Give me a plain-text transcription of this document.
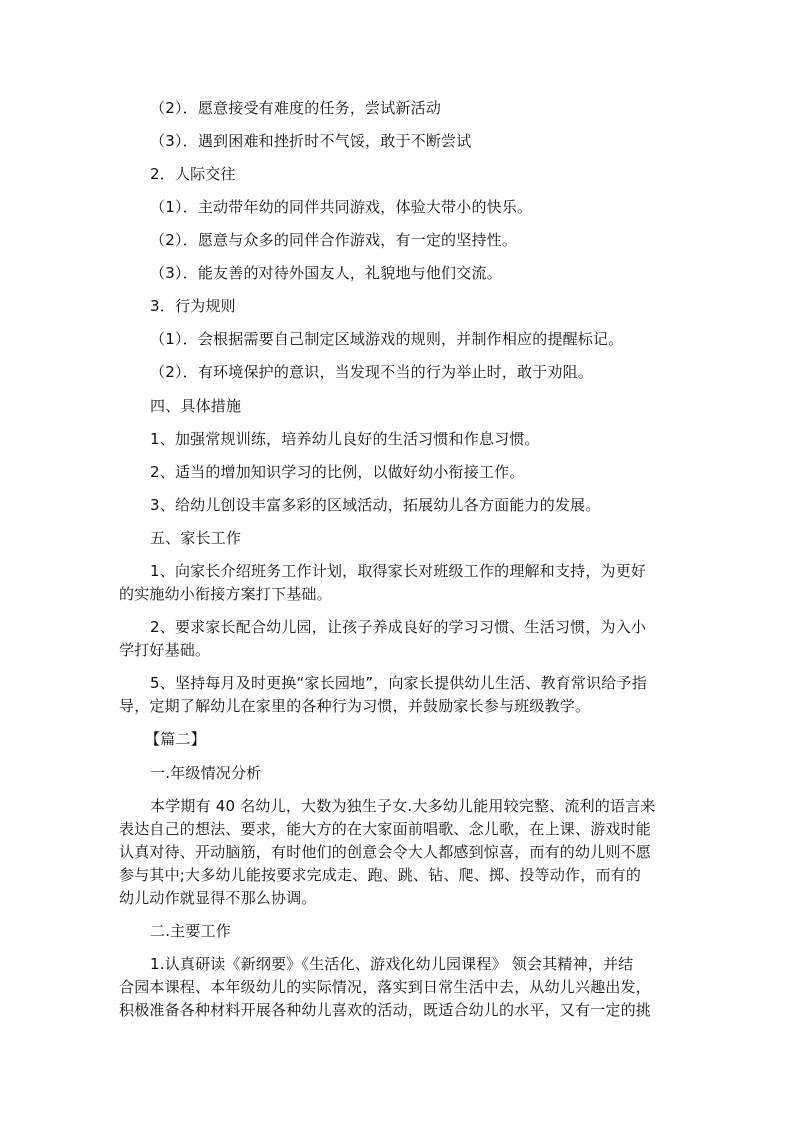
（2）．愿意接受有难度的任务，尝试新活动
（3）．遇到困难和挫折时不气馁，敢于不断尝试
2．人际交往
（1）．主动带年幼的同伴共同游戏，体验大带小的快乐。
（2）．愿意与众多的同伴合作游戏，有一定的坚持性。
（3）．能友善的对待外国友人，礼貌地与他们交流。
3．行为规则
（1）．会根据需要自己制定区域游戏的规则，并制作相应的提醒标记。
（2）．有环境保护的意识，当发现不当的行为举止时，敢于劝阻。
四、具体措施
1、加强常规训练，培养幼儿良好的生活习惯和作息习惯。
2、适当的增加知识学习的比例，以做好幼小衔接工作。
3、给幼儿创设丰富多彩的区域活动，拓展幼儿各方面能力的发展。
五、家长工作
1、向家长介绍班务工作计划，取得家长对班级工作的理解和支持，为更好
的实施幼小衔接方案打下基础。
2、要求家长配合幼儿园，让孩子养成良好的学习习惯、生活习惯，为入小
学打好基础。
5、坚持每月及时更换“家长园地”，向家长提供幼儿生活、教育常识给予指
导，定期了解幼儿在家里的各种行为习惯，并鼓励家长参与班级教学。
【篇二】
一.年级情况分析
本学期有 40 名幼儿，大数为独生子女.大多幼儿能用较完整、流利的语言来
表达自己的想法、要求，能大方的在大家面前唱歌、念儿歌，在上课、游戏时能
认真对待、开动脑筋，有时他们的创意会令大人都感到惊喜，而有的幼儿则不愿
参与其中;大多幼儿能按要求完成走、跑、跳、钻、爬、掷、投等动作，而有的
幼儿动作就显得不那么协调。
二.主要工作
1.认真研读《新纲要》《生活化、游戏化幼儿园课程》 领会其精神，并结
合园本课程、本年级幼儿的实际情况，落实到日常生活中去，从幼儿兴趣出发，
积极准备各种材料开展各种幼儿喜欢的活动，既适合幼儿的水平，又有一定的挑
